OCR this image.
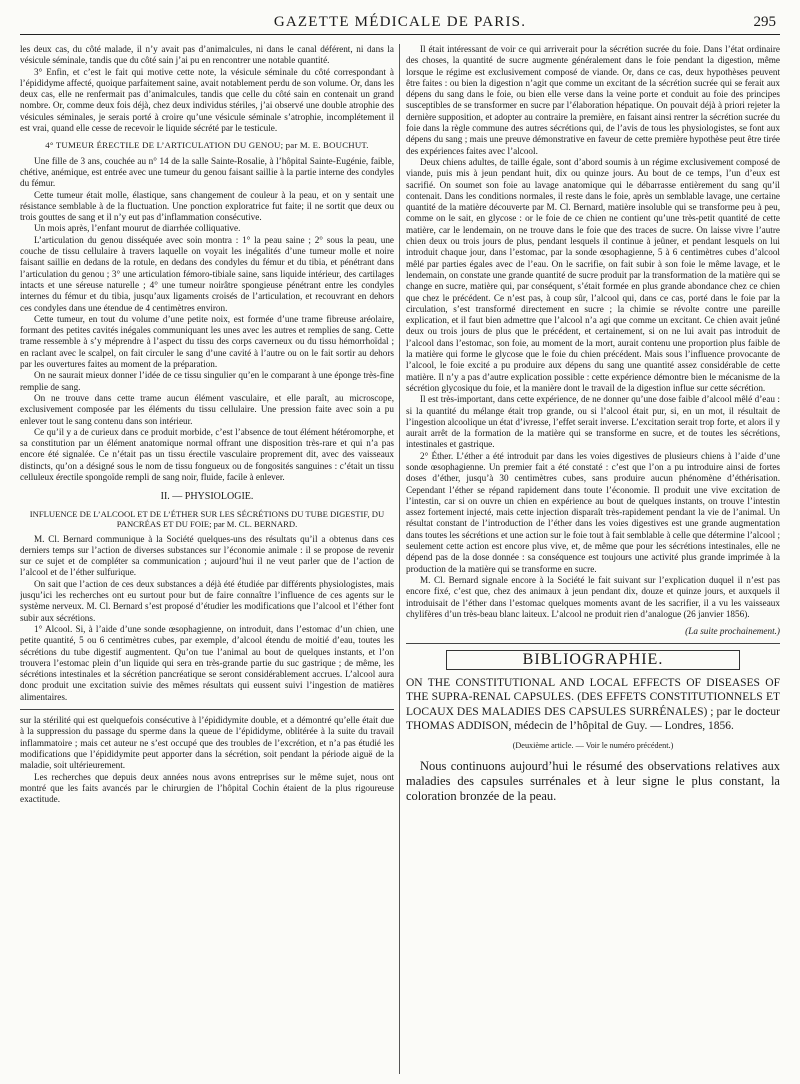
GAZETTE MÉDICALE DE PARIS.	295

les deux cas, du côté malade, il n’y avait pas d’animalcules, ni dans le canal déférent, ni dans la vésicule séminale, tandis que du côté sain j’ai pu en rencontrer une notable quantité.

3° Enfin, et c’est le fait qui motive cette note, la vésicule séminale du côté correspondant à l’épididyme affecté, quoique parfaitement saine, avait notablement perdu de son volume. Or, dans les deux cas, elle ne renfermait pas d’animalcules, tandis que celle du côté sain en contenait un grand nombre. Or, comme deux fois déjà, chez deux individus stériles, j’ai observé une double atrophie des vésicules séminales, je serais porté à croire qu’une vésicule séminale s’atrophie, incomplétement il est vrai, quand elle cesse de recevoir le liquide sécrété par le testicule.

4° TUMEUR ÉRECTILE DE L’ARTICULATION DU GENOU; par M. E. BOUCHUT.

Une fille de 3 ans, couchée au n° 14 de la salle Sainte-Rosalie, à l’hôpital Sainte-Eugénie, faible, chétive, anémique, est entrée avec une tumeur du genou faisant saillie à la partie interne des condyles du fémur.

Cette tumeur était molle, élastique, sans changement de couleur à la peau, et on y sentait une résistance semblable à de la fluctuation. Une ponction exploratrice fut faite; il ne sortit que deux ou trois gouttes de sang et il n’y eut pas d’inflammation consécutive.

Un mois après, l’enfant mourut de diarrhée colliquative.

L’articulation du genou disséquée avec soin montra : 1° la peau saine ; 2° sous la peau, une couche de tissu cellulaire à travers laquelle on voyait les inégalités d’une tumeur molle et noire faisant saillie en dedans de la rotule, en dedans des condyles du fémur et du tibia, et pénétrant dans l’articulation du genou ; 3° une articulation fémoro-tibiale saine, sans liquide intérieur, des cartilages intacts et une séreuse naturelle ; 4° une tumeur noirâtre spongieuse pénétrant entre les condyles internes du fémur et du tibia, jusqu’aux ligaments croisés de l’articulation, et recouvrant en dehors ces condyles dans une étendue de 4 centimètres environ.

Cette tumeur, en tout du volume d’une petite noix, est formée d’une trame fibreuse aréolaire, formant des petites cavités inégales communiquant les unes avec les autres et remplies de sang. Cette trame ressemble à s’y méprendre à l’aspect du tissu des corps caverneux ou du tissu hémorrhoïdal ; en raclant avec le scalpel, on fait circuler le sang d’une cavité à l’autre ou on le fait sortir au dehors par les ouvertures faites au moment de la préparation.

On ne saurait mieux donner l’idée de ce tissu singulier qu’en le comparant à une éponge très-fine remplie de sang.

On ne trouve dans cette trame aucun élément vasculaire, et elle paraît, au microscope, exclusivement composée par les éléments du tissu cellulaire. Une pression faite avec soin a pu enlever tout le sang contenu dans son intérieur.

Ce qu’il y a de curieux dans ce produit morbide, c’est l’absence de tout élément hétéromorphe, et sa constitution par un élément anatomique normal offrant une disposition très-rare et qui n’a pas encore été signalée. Ce n’était pas un tissu érectile vasculaire proprement dit, avec des vaisseaux distincts, qu’on a désigné sous le nom de tissu fongueux ou de fongosités sanguines : c’était un tissu celluleux érectile spongoïde rempli de sang noir, fluide, facile à enlever.

II. — PHYSIOLOGIE.
INFLUENCE DE L’ALCOOL ET DE L’ÉTHER SUR LES SÉCRÉTIONS DU TUBE DIGESTIF, DU PANCRÉAS ET DU FOIE; par M. CL. BERNARD.

M. Cl. Bernard communique à la Société quelques-uns des résultats qu’il a obtenus dans ces derniers temps sur l’action de diverses substances sur l’économie animale : il se propose de revenir sur ce sujet et de compléter sa communication ; aujourd’hui il ne veut parler que de l’action de l’alcool et de l’éther sulfurique.

On sait que l’action de ces deux substances a déjà été étudiée par différents physiologistes, mais jusqu’ici les recherches ont eu surtout pour but de faire connaître l’influence de ces agents sur le système nerveux. M. Cl. Bernard s’est proposé d’étudier les modifications que l’alcool et l’éther font subir aux sécrétions.

1° Alcool. Si, à l’aide d’une sonde œsophagienne, on introduit, dans l’estomac d’un chien, une petite quantité, 5 ou 6 centimètres cubes, par exemple, d’alcool étendu de moitié d’eau, toutes les sécrétions du tube digestif augmentent. Qu’on tue l’animal au bout de quelques instants, et l’on trouvera l’estomac plein d’un liquide qui sera en très-grande partie du suc gastrique ; de même, les sécrétions intestinales et la sécrétion pancréatique se seront considérablement accrues. L’alcool aura donc produit une excitation suivie des mêmes résultats qui eussent suivi l’ingestion de matières alimentaires.

sur la stérilité qui est quelquefois consécutive à l’épididymite double, et a démontré qu’elle était due à la suppression du passage du sperme dans la queue de l’épididyme, oblitérée à la suite du travail inflammatoire ; mais cet auteur ne s’est occupé que des troubles de l’excrétion, et n’a pas étudié les modifications que l’épididymite peut apporter dans la sécrétion, soit pendant la période aiguë de la maladie, soit ultérieurement.

Les recherches que depuis deux années nous avons entreprises sur le même sujet, nous ont montré que les faits avancés par le chirurgien de l’hôpital Cochin étaient de la plus rigoureuse exactitude.

Il était intéressant de voir ce qui arriverait pour la sécrétion sucrée du foie. Dans l’état ordinaire des choses, la quantité de sucre augmente généralement dans le foie pendant la digestion, même lorsque le régime est exclusivement composé de viande. Or, dans ce cas, deux hypothèses peuvent être faites : ou bien la digestion n’agit que comme un excitant de la sécrétion sucrée qui se ferait aux dépens du sang dans le foie, ou bien elle verse dans la veine porte et conduit au foie des principes susceptibles de se transformer en sucre par l’élaboration hépatique. On pouvait déjà à priori rejeter la dernière supposition, et adopter au contraire la première, en faisant ainsi rentrer la sécrétion sucrée du foie dans la règle commune des autres sécrétions qui, de l’avis de tous les physiologistes, se font aux dépens du sang ; mais une preuve démonstrative en faveur de cette première hypothèse peut être tirée des expériences faites avec l’alcool.

Deux chiens adultes, de taille égale, sont d’abord soumis à un régime exclusivement composé de viande, puis mis à jeun pendant huit, dix ou quinze jours. Au bout de ce temps, l’un d’eux est sacrifié. On soumet son foie au lavage anatomique qui le débarrasse entièrement du sang qu’il contenait. Dans les conditions normales, il reste dans le foie, après un semblable lavage, une certaine quantité de la matière découverte par M. Cl. Bernard, matière insoluble qui se transforme peu à peu, comme on le sait, en glycose : or le foie de ce chien ne contient qu’une très-petit quantité de cette matière, car le lendemain, on ne trouve dans le foie que des traces de sucre. On laisse vivre l’autre chien deux ou trois jours de plus, pendant lesquels il continue à jeûner, et pendant lesquels on lui introduit chaque jour, dans l’estomac, par la sonde œsophagienne, 5 à 6 centimètres cubes d’alcool mêlé par parties égales avec de l’eau. On le sacrifie, on fait subir à son foie le même lavage, et le lendemain, on constate une grande quantité de sucre produit par la transformation de la matière qui se change en sucre, matière qui, par conséquent, s’était formée en plus grande abondance chez ce chien que chez le précédent. Ce n’est pas, à coup sûr, l’alcool qui, dans ce cas, porté dans le foie par la circulation, s’est transformé directement en sucre ; la chimie se révolte contre une pareille explication, et il faut bien admettre que l’alcool n’a agi que comme un excitant. Ce chien avait jeûné deux ou trois jours de plus que le précédent, et certainement, si on ne lui avait pas introduit de l’alcool dans l’estomac, son foie, au moment de la mort, aurait contenu une proportion plus faible de la matière qui forme le glycose que le foie du chien précédent. Mais sous l’influence provocante de l’alcool, le foie excité a pu produire aux dépens du sang une quantité assez considérable de cette matière. Il n’y a pas d’autre explication possible : cette expérience démontre bien le mécanisme de la sécrétion glycosique du foie, et la manière dont le travail de la digestion influe sur cette sécrétion.

Il est très-important, dans cette expérience, de ne donner qu’une dose faible d’alcool mêlé d’eau : si la quantité du mélange était trop grande, ou si l’alcool était pur, si, en un mot, il résultait de l’ingestion alcoolique un état d’ivresse, l’effet serait inverse. L’excitation serait trop forte, et alors il y aurait arrêt de la formation de la matière qui se transforme en sucre, et de toutes les sécrétions, intestinales et gastrique.

2° Éther. L’éther a été introduit par dans les voies digestives de plusieurs chiens à l’aide d’une sonde œsophagienne. Un premier fait a été constaté : c’est que l’on a pu introduire ainsi de fortes doses d’éther, jusqu’à 30 centimètres cubes, sans produire aucun phénomène d’éthérisation. Cependant l’éther se répand rapidement dans toute l’économie. Il produit une vive excitation de l’intestin, car si on ouvre un chien en expérience au bout de quelques instants, on trouve l’intestin assez fortement injecté, mais cette injection disparaît très-rapidement pendant la vie de l’animal. Un résultat constant de l’introduction de l’éther dans les voies digestives est une grande augmentation dans toutes les sécrétions et une action sur le foie tout à fait semblable à celle que détermine l’alcool ; seulement cette action est encore plus vive, et, de même que pour les sécrétions intestinales, elle ne dépend pas de la dose donnée : sa conséquence est toujours une activité plus grande imprimée à la production de la matière qui se transforme en sucre.

M. Cl. Bernard signale encore à la Société le fait suivant sur l’explication duquel il n’est pas encore fixé, c’est que, chez des animaux à jeun pendant dix, douze et quinze jours, et auxquels il introduisait de l’éther dans l’estomac quelques moments avant de les sacrifier, il a vu les vaisseaux chylifères d’un très-beau blanc laiteux. L’alcool ne produit rien d’analogue (26 janvier 1856).

(La suite prochainement.)
BIBLIOGRAPHIE.

ON THE CONSTITUTIONAL AND LOCAL EFFECTS OF DISEASES OF THE SUPRA-RENAL CAPSULES. (DES EFFETS CONSTITUTIONNELS ET LOCAUX DES MALADIES DES CAPSULES SURRÉNALES) ; par le docteur THOMAS ADDISON, médecin de l’hôpital de Guy. — Londres, 1856.

(Deuxième article. — Voir le numéro précédent.)

Nous continuons aujourd’hui le résumé des observations relatives aux maladies des capsules surrénales et à leur signe le plus constant, la coloration bronzée de la peau.
